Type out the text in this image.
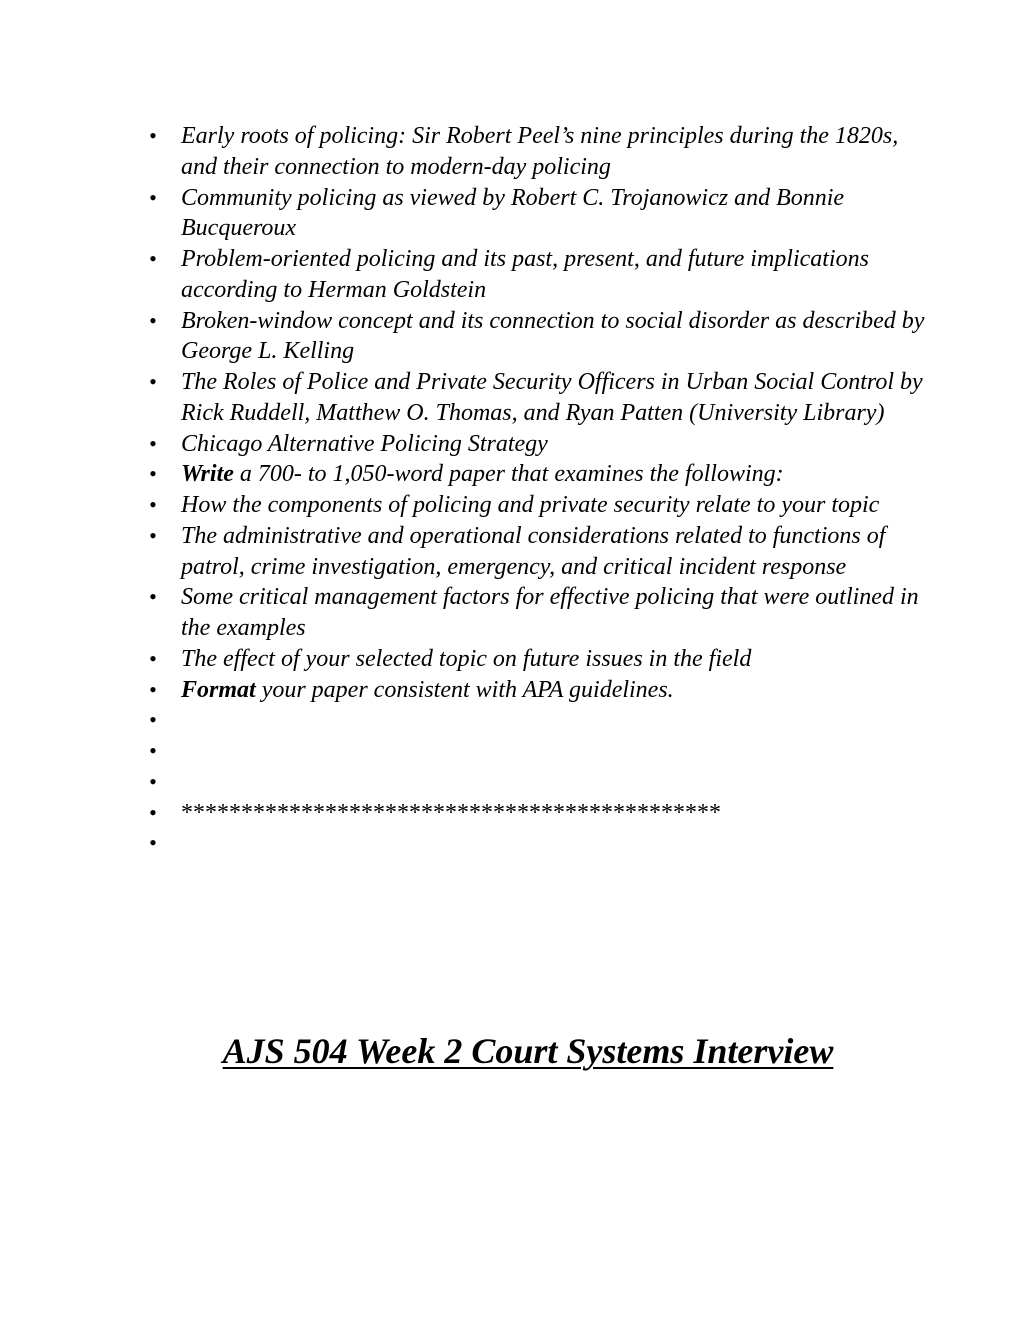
• Early roots of policing: Sir Robert Peel’s nine principles during the 1820s, and their connection to modern-day policing
• Community policing as viewed by Robert C. Trojanowicz and Bonnie Bucqueroux
• Problem-oriented policing and its past, present, and future implications according to Herman Goldstein
• Broken-window concept and its connection to social disorder as described by George L. Kelling
• The Roles of Police and Private Security Officers in Urban Social Control by Rick Ruddell, Matthew O. Thomas, and Ryan Patten (University Library)
• Chicago Alternative Policing Strategy
• Write a 700- to 1,050-word paper that examines the following:
• How the components of policing and private security relate to your topic
• The administrative and operational considerations related to functions of patrol, crime investigation, emergency, and critical incident response
• Some critical management factors for effective policing that were outlined in the examples
• The effect of your selected topic on future issues in the field
• Format your paper consistent with APA guidelines.
•

•

•

• *********************************************
•

AJS 504 Week 2 Court Systems Interview
